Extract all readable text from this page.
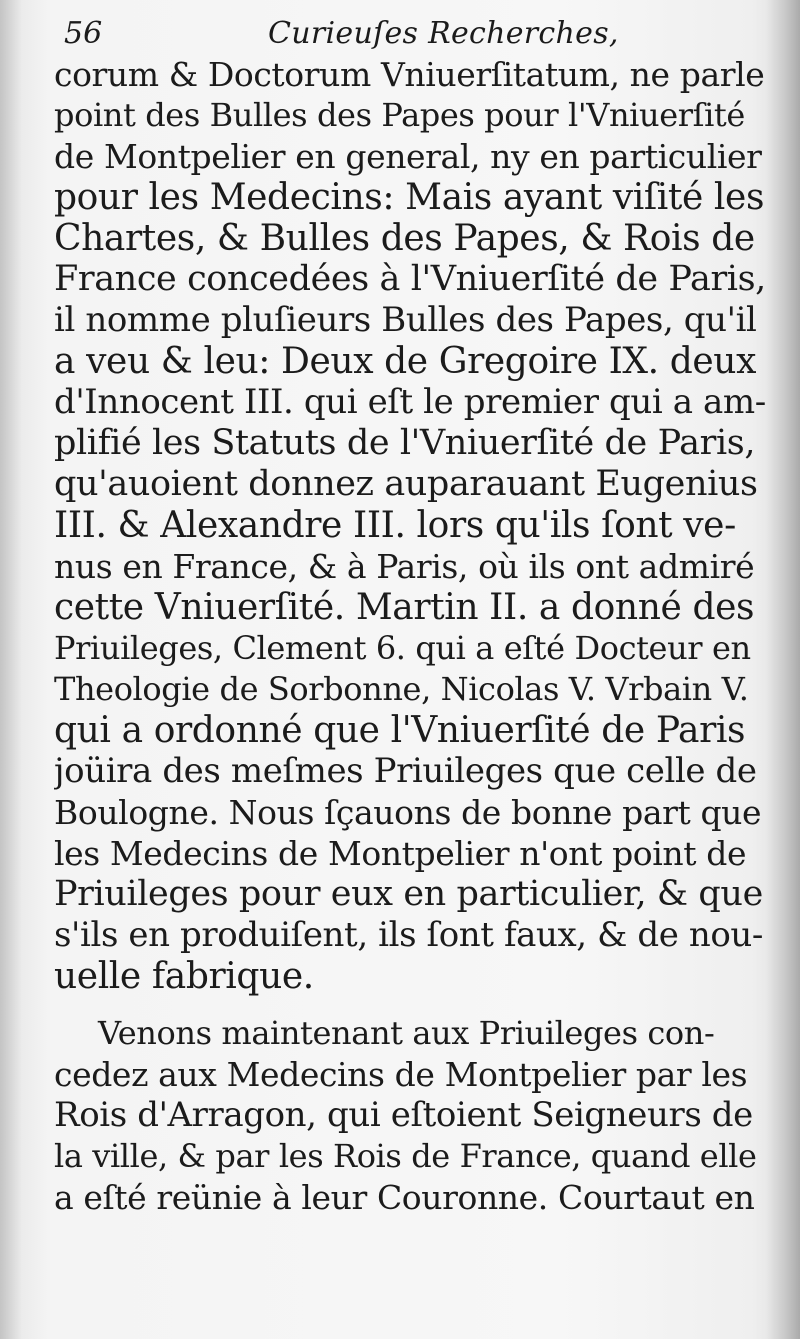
56	Curieuſes Recherches,
corum & Doctorum Vniuerſitatum, ne parle
point des Bulles des Papes pour l'Vniuerſité
de Montpelier en general, ny en particulier
pour les Medecins: Mais ayant viſité les
Chartes, & Bulles des Papes, & Rois de
France concedées à l'Vniuerſité de Paris,
il nomme pluſieurs Bulles des Papes, qu'il
a veu & leu: Deux de Gregoire IX. deux
d'Innocent III. qui eſt le premier qui a am-
plifié les Statuts de l'Vniuerſité de Paris,
qu'auoient donnez auparauant Eugenius
III. & Alexandre III. lors qu'ils ſont ve-
nus en France, & à Paris, où ils ont admiré
cette Vniuerſité. Martin II. a donné des
Priuileges, Clement 6. qui a eſté Docteur en
Theologie de Sorbonne, Nicolas V. Vrbain V.
qui a ordonné que l'Vniuerſité de Paris
joüira des meſmes Priuileges que celle de
Boulogne. Nous ſçauons de bonne part que
les Medecins de Montpelier n'ont point de
Priuileges pour eux en particulier, & que
s'ils en produiſent, ils ſont faux, & de nou-
uelle fabrique.
Venons maintenant aux Priuileges con-
cedez aux Medecins de Montpelier par les
Rois d'Arragon, qui eſtoient Seigneurs de
la ville, & par les Rois de France, quand elle
a eſté reünie à leur Couronne. Courtaut en
